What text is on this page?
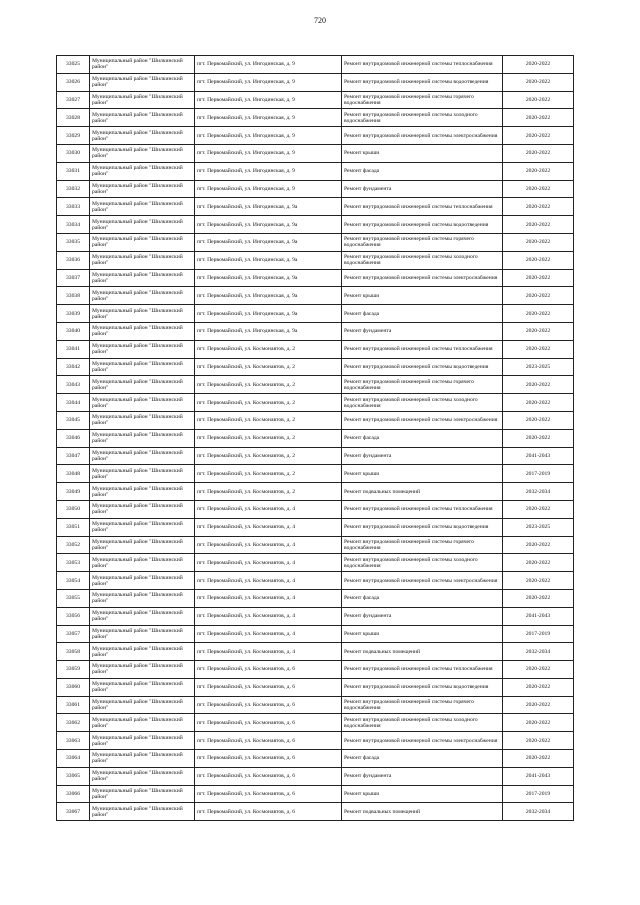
720
33025	Муниципальный район "Шилкинский район"	пгт. Первомайский, ул. Ингодинская, д. 9	Ремонт внутридомовой инженерной системы теплоснабжения	2020-2022
33026	Муниципальный район "Шилкинский район"	пгт. Первомайский, ул. Ингодинская, д. 9	Ремонт внутридомовой инженерной системы водоотведения	2020-2022
33027	Муниципальный район "Шилкинский район"	пгт. Первомайский, ул. Ингодинская, д. 9	Ремонт внутридомовой инженерной системы горячего водоснабжения	2020-2022
33028	Муниципальный район "Шилкинский район"	пгт. Первомайский, ул. Ингодинская, д. 9	Ремонт внутридомовой инженерной системы холодного водоснабжения	2020-2022
33029	Муниципальный район "Шилкинский район"	пгт. Первомайский, ул. Ингодинская, д. 9	Ремонт внутридомовой инженерной системы электроснабжения	2020-2022
33030	Муниципальный район "Шилкинский район"	пгт. Первомайский, ул. Ингодинская, д. 9	Ремонт крыши	2020-2022
33031	Муниципальный район "Шилкинский район"	пгт. Первомайский, ул. Ингодинская, д. 9	Ремонт фасада	2020-2022
33032	Муниципальный район "Шилкинский район"	пгт. Первомайский, ул. Ингодинская, д. 9	Ремонт фундамента	2020-2022
33033	Муниципальный район "Шилкинский район"	пгт. Первомайский, ул. Ингодинская, д. 9а	Ремонт внутридомовой инженерной системы теплоснабжения	2020-2022
33034	Муниципальный район "Шилкинский район"	пгт. Первомайский, ул. Ингодинская, д. 9а	Ремонт внутридомовой инженерной системы водоотведения	2020-2022
33035	Муниципальный район "Шилкинский район"	пгт. Первомайский, ул. Ингодинская, д. 9а	Ремонт внутридомовой инженерной системы горячего водоснабжения	2020-2022
33036	Муниципальный район "Шилкинский район"	пгт. Первомайский, ул. Ингодинская, д. 9а	Ремонт внутридомовой инженерной системы холодного водоснабжения	2020-2022
33037	Муниципальный район "Шилкинский район"	пгт. Первомайский, ул. Ингодинская, д. 9а	Ремонт внутридомовой инженерной системы электроснабжения	2020-2022
33038	Муниципальный район "Шилкинский район"	пгт. Первомайский, ул. Ингодинская, д. 9а	Ремонт крыши	2020-2022
33039	Муниципальный район "Шилкинский район"	пгт. Первомайский, ул. Ингодинская, д. 9а	Ремонт фасада	2020-2022
33040	Муниципальный район "Шилкинский район"	пгт. Первомайский, ул. Ингодинская, д. 9а	Ремонт фундамента	2020-2022
33041	Муниципальный район "Шилкинский район"	пгт. Первомайский, ул. Космонавтов, д. 2	Ремонт внутридомовой инженерной системы теплоснабжения	2020-2022
33042	Муниципальный район "Шилкинский район"	пгт. Первомайский, ул. Космонавтов, д. 2	Ремонт внутридомовой инженерной системы водоотведения	2023-2025
33043	Муниципальный район "Шилкинский район"	пгт. Первомайский, ул. Космонавтов, д. 2	Ремонт внутридомовой инженерной системы горячего водоснабжения	2020-2022
33044	Муниципальный район "Шилкинский район"	пгт. Первомайский, ул. Космонавтов, д. 2	Ремонт внутридомовой инженерной системы холодного водоснабжения	2020-2022
33045	Муниципальный район "Шилкинский район"	пгт. Первомайский, ул. Космонавтов, д. 2	Ремонт внутридомовой инженерной системы электроснабжения	2020-2022
33046	Муниципальный район "Шилкинский район"	пгт. Первомайский, ул. Космонавтов, д. 2	Ремонт фасада	2020-2022
33047	Муниципальный район "Шилкинский район"	пгт. Первомайский, ул. Космонавтов, д. 2	Ремонт фундамента	2041-2043
33048	Муниципальный район "Шилкинский район"	пгт. Первомайский, ул. Космонавтов, д. 2	Ремонт крыши	2017-2019
33049	Муниципальный район "Шилкинский район"	пгт. Первомайский, ул. Космонавтов, д. 2	Ремонт подвальных помещений	2032-2034
33050	Муниципальный район "Шилкинский район"	пгт. Первомайский, ул. Космонавтов, д. 4	Ремонт внутридомовой инженерной системы теплоснабжения	2020-2022
33051	Муниципальный район "Шилкинский район"	пгт. Первомайский, ул. Космонавтов, д. 4	Ремонт внутридомовой инженерной системы водоотведения	2023-2025
33052	Муниципальный район "Шилкинский район"	пгт. Первомайский, ул. Космонавтов, д. 4	Ремонт внутридомовой инженерной системы горячего водоснабжения	2020-2022
33053	Муниципальный район "Шилкинский район"	пгт. Первомайский, ул. Космонавтов, д. 4	Ремонт внутридомовой инженерной системы холодного водоснабжения	2020-2022
33054	Муниципальный район "Шилкинский район"	пгт. Первомайский, ул. Космонавтов, д. 4	Ремонт внутридомовой инженерной системы электроснабжения	2020-2022
33055	Муниципальный район "Шилкинский район"	пгт. Первомайский, ул. Космонавтов, д. 4	Ремонт фасада	2020-2022
33056	Муниципальный район "Шилкинский район"	пгт. Первомайский, ул. Космонавтов, д. 4	Ремонт фундамента	2041-2043
33057	Муниципальный район "Шилкинский район"	пгт. Первомайский, ул. Космонавтов, д. 4	Ремонт крыши	2017-2019
33058	Муниципальный район "Шилкинский район"	пгт. Первомайский, ул. Космонавтов, д. 4	Ремонт подвальных помещений	2032-2034
33059	Муниципальный район "Шилкинский район"	пгт. Первомайский, ул. Космонавтов, д. 6	Ремонт внутридомовой инженерной системы теплоснабжения	2020-2022
33060	Муниципальный район "Шилкинский район"	пгт. Первомайский, ул. Космонавтов, д. 6	Ремонт внутридомовой инженерной системы водоотведения	2020-2022
33061	Муниципальный район "Шилкинский район"	пгт. Первомайский, ул. Космонавтов, д. 6	Ремонт внутридомовой инженерной системы горячего водоснабжения	2020-2022
33062	Муниципальный район "Шилкинский район"	пгт. Первомайский, ул. Космонавтов, д. 6	Ремонт внутридомовой инженерной системы холодного водоснабжения	2020-2022
33063	Муниципальный район "Шилкинский район"	пгт. Первомайский, ул. Космонавтов, д. 6	Ремонт внутридомовой инженерной системы электроснабжения	2020-2022
33064	Муниципальный район "Шилкинский район"	пгт. Первомайский, ул. Космонавтов, д. 6	Ремонт фасада	2020-2022
33065	Муниципальный район "Шилкинский район"	пгт. Первомайский, ул. Космонавтов, д. 6	Ремонт фундамента	2041-2043
33066	Муниципальный район "Шилкинский район"	пгт. Первомайский, ул. Космонавтов, д. 6	Ремонт крыши	2017-2019
33067	Муниципальный район "Шилкинский район"	пгт. Первомайский, ул. Космонавтов, д. 6	Ремонт подвальных помещений	2032-2034
